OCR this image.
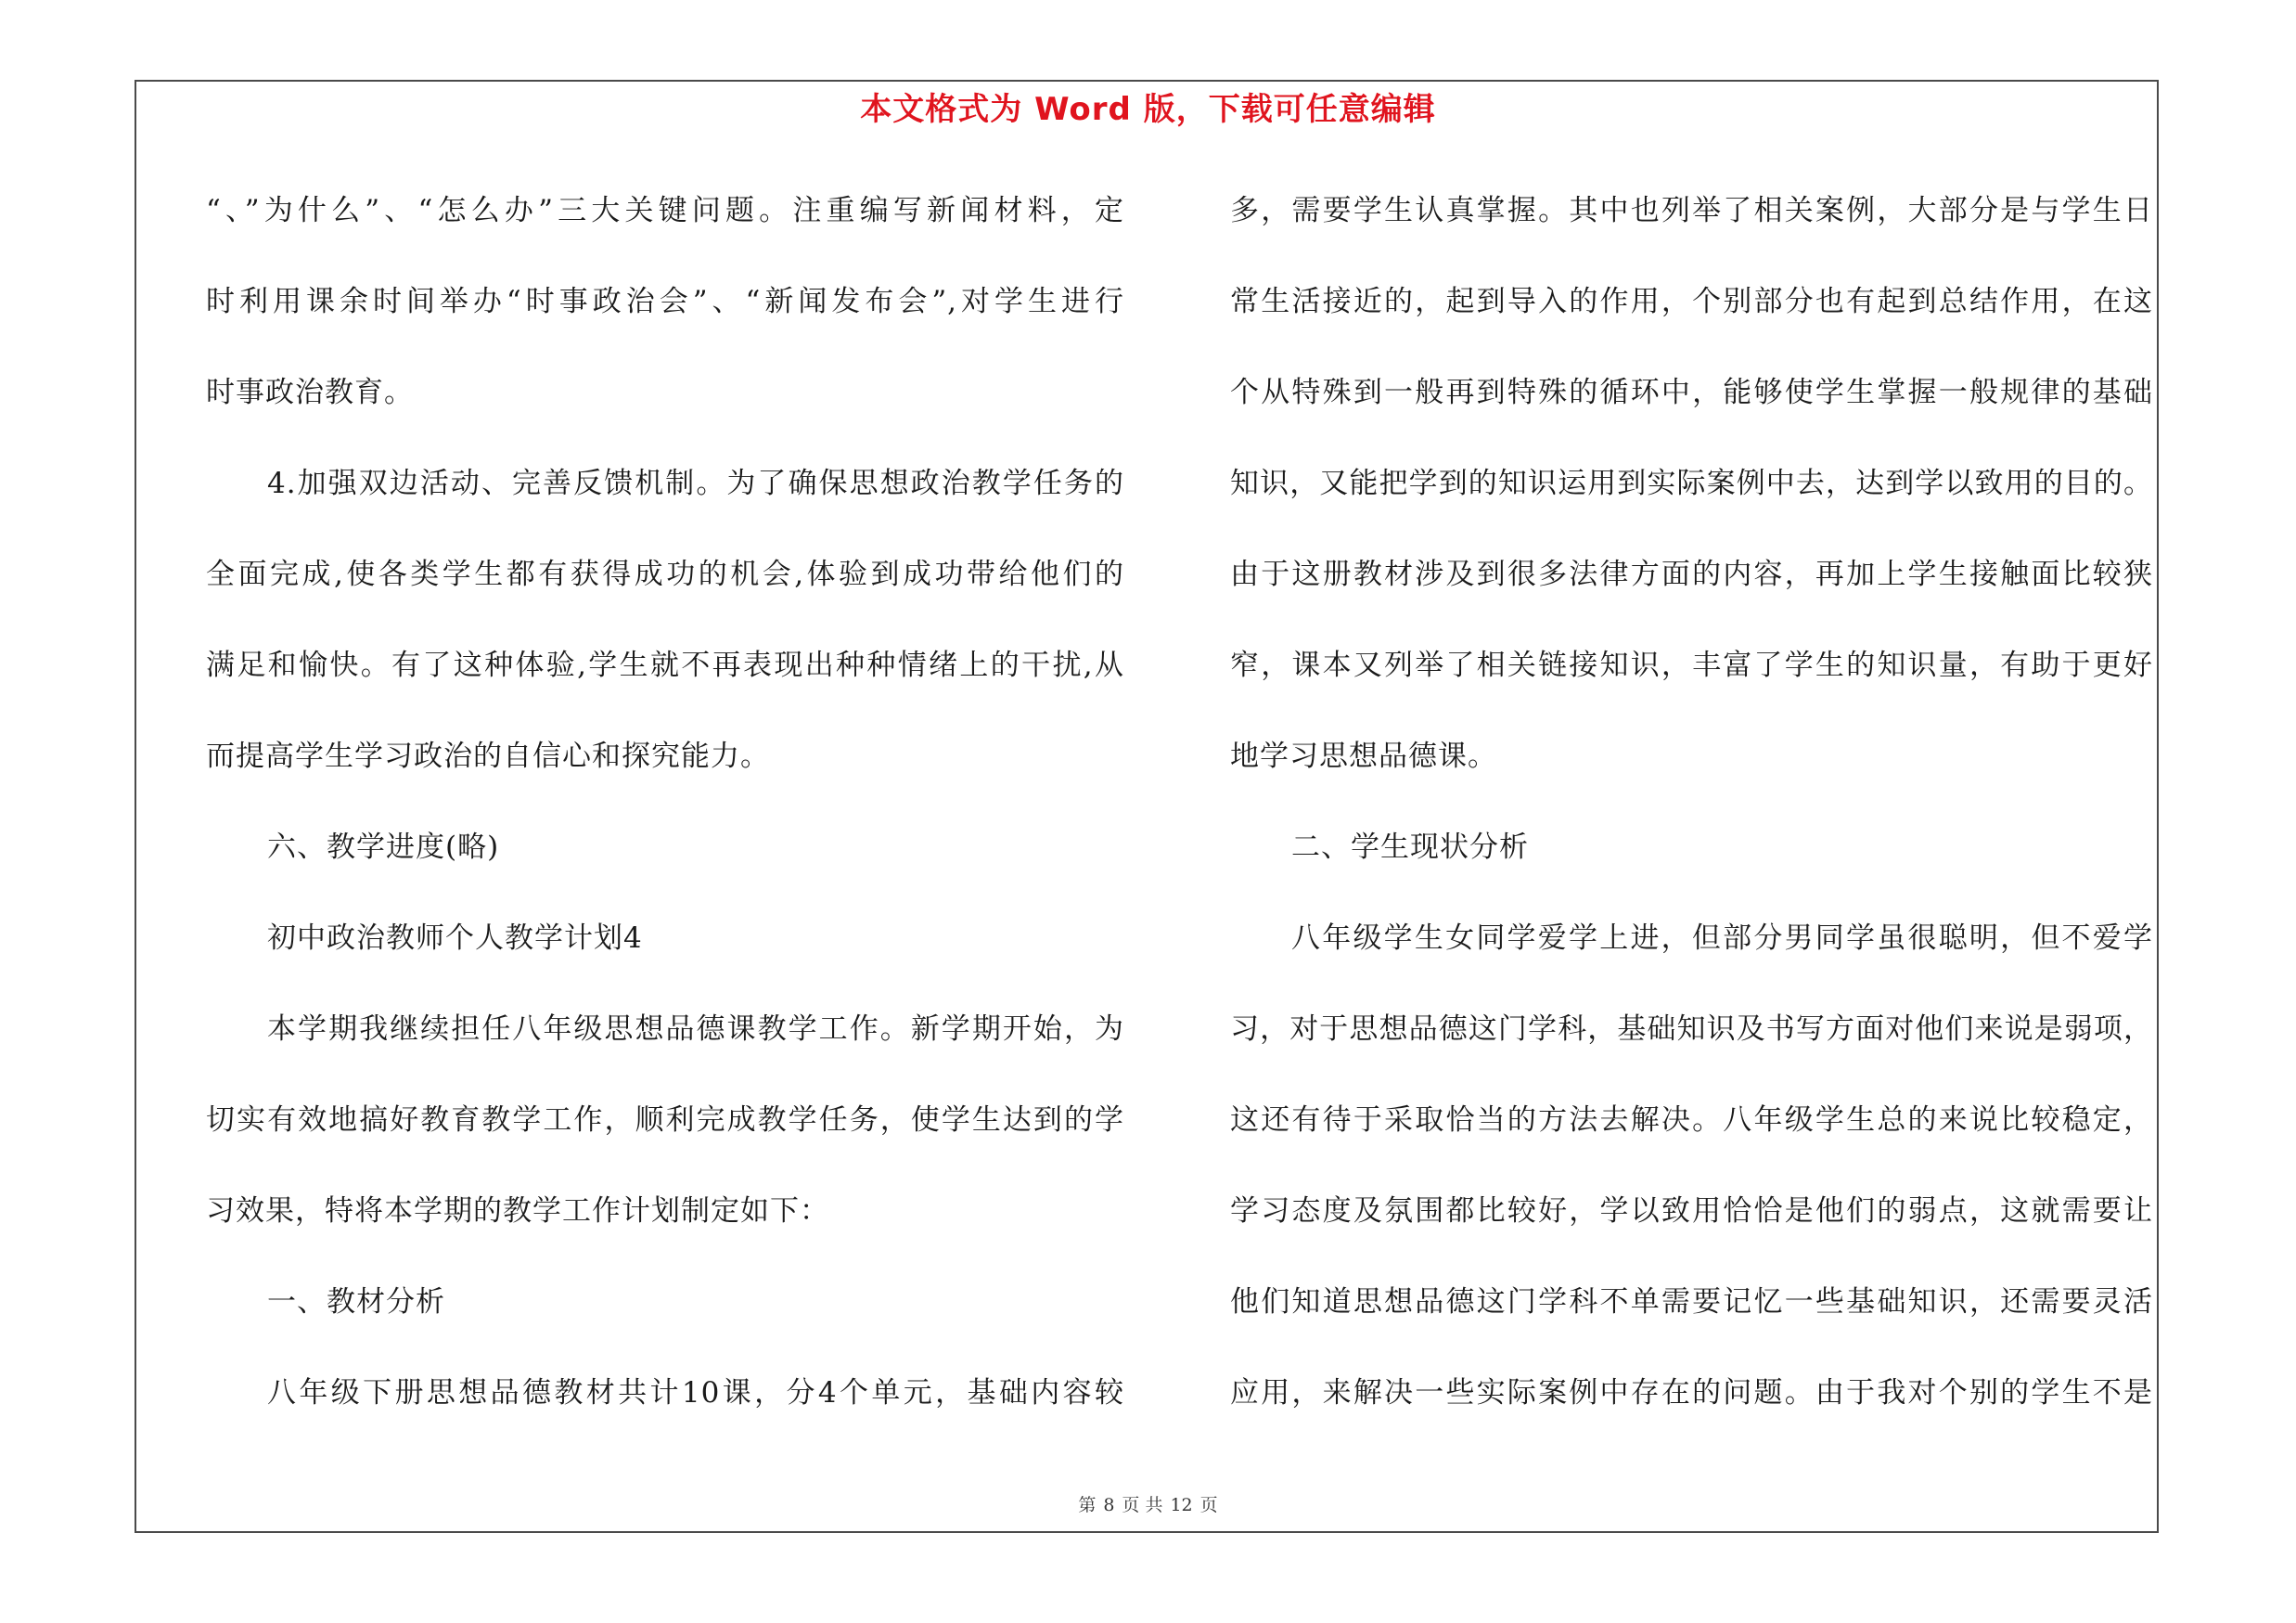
本文格式为 Word 版，下载可任意编辑
“、”为什么”、“怎么办”三大关键问题。注重编写新闻材料，定
时利用课余时间举办“时事政治会”、“新闻发布会”,对学生进行
时事政治教育。
4.加强双边活动、完善反馈机制。为了确保思想政治教学任务的
全面完成,使各类学生都有获得成功的机会,体验到成功带给他们的
满足和愉快。有了这种体验,学生就不再表现出种种情绪上的干扰,从
而提高学生学习政治的自信心和探究能力。
六、教学进度(略)
初中政治教师个人教学计划4
本学期我继续担任八年级思想品德课教学工作。新学期开始，为
切实有效地搞好教育教学工作，顺利完成教学任务，使学生达到的学
习效果，特将本学期的教学工作计划制定如下：
一、教材分析
八年级下册思想品德教材共计10课，分4个单元，基础内容较
多，需要学生认真掌握。其中也列举了相关案例，大部分是与学生日
常生活接近的，起到导入的作用，个别部分也有起到总结作用，在这
个从特殊到一般再到特殊的循环中，能够使学生掌握一般规律的基础
知识，又能把学到的知识运用到实际案例中去，达到学以致用的目的。
由于这册教材涉及到很多法律方面的内容，再加上学生接触面比较狭
窄，课本又列举了相关链接知识，丰富了学生的知识量，有助于更好
地学习思想品德课。
二、学生现状分析
八年级学生女同学爱学上进，但部分男同学虽很聪明，但不爱学
习，对于思想品德这门学科，基础知识及书写方面对他们来说是弱项，
这还有待于采取恰当的方法去解决。八年级学生总的来说比较稳定，
学习态度及氛围都比较好，学以致用恰恰是他们的弱点，这就需要让
他们知道思想品德这门学科不单需要记忆一些基础知识，还需要灵活
应用，来解决一些实际案例中存在的问题。由于我对个别的学生不是
第 8 页 共 12 页
